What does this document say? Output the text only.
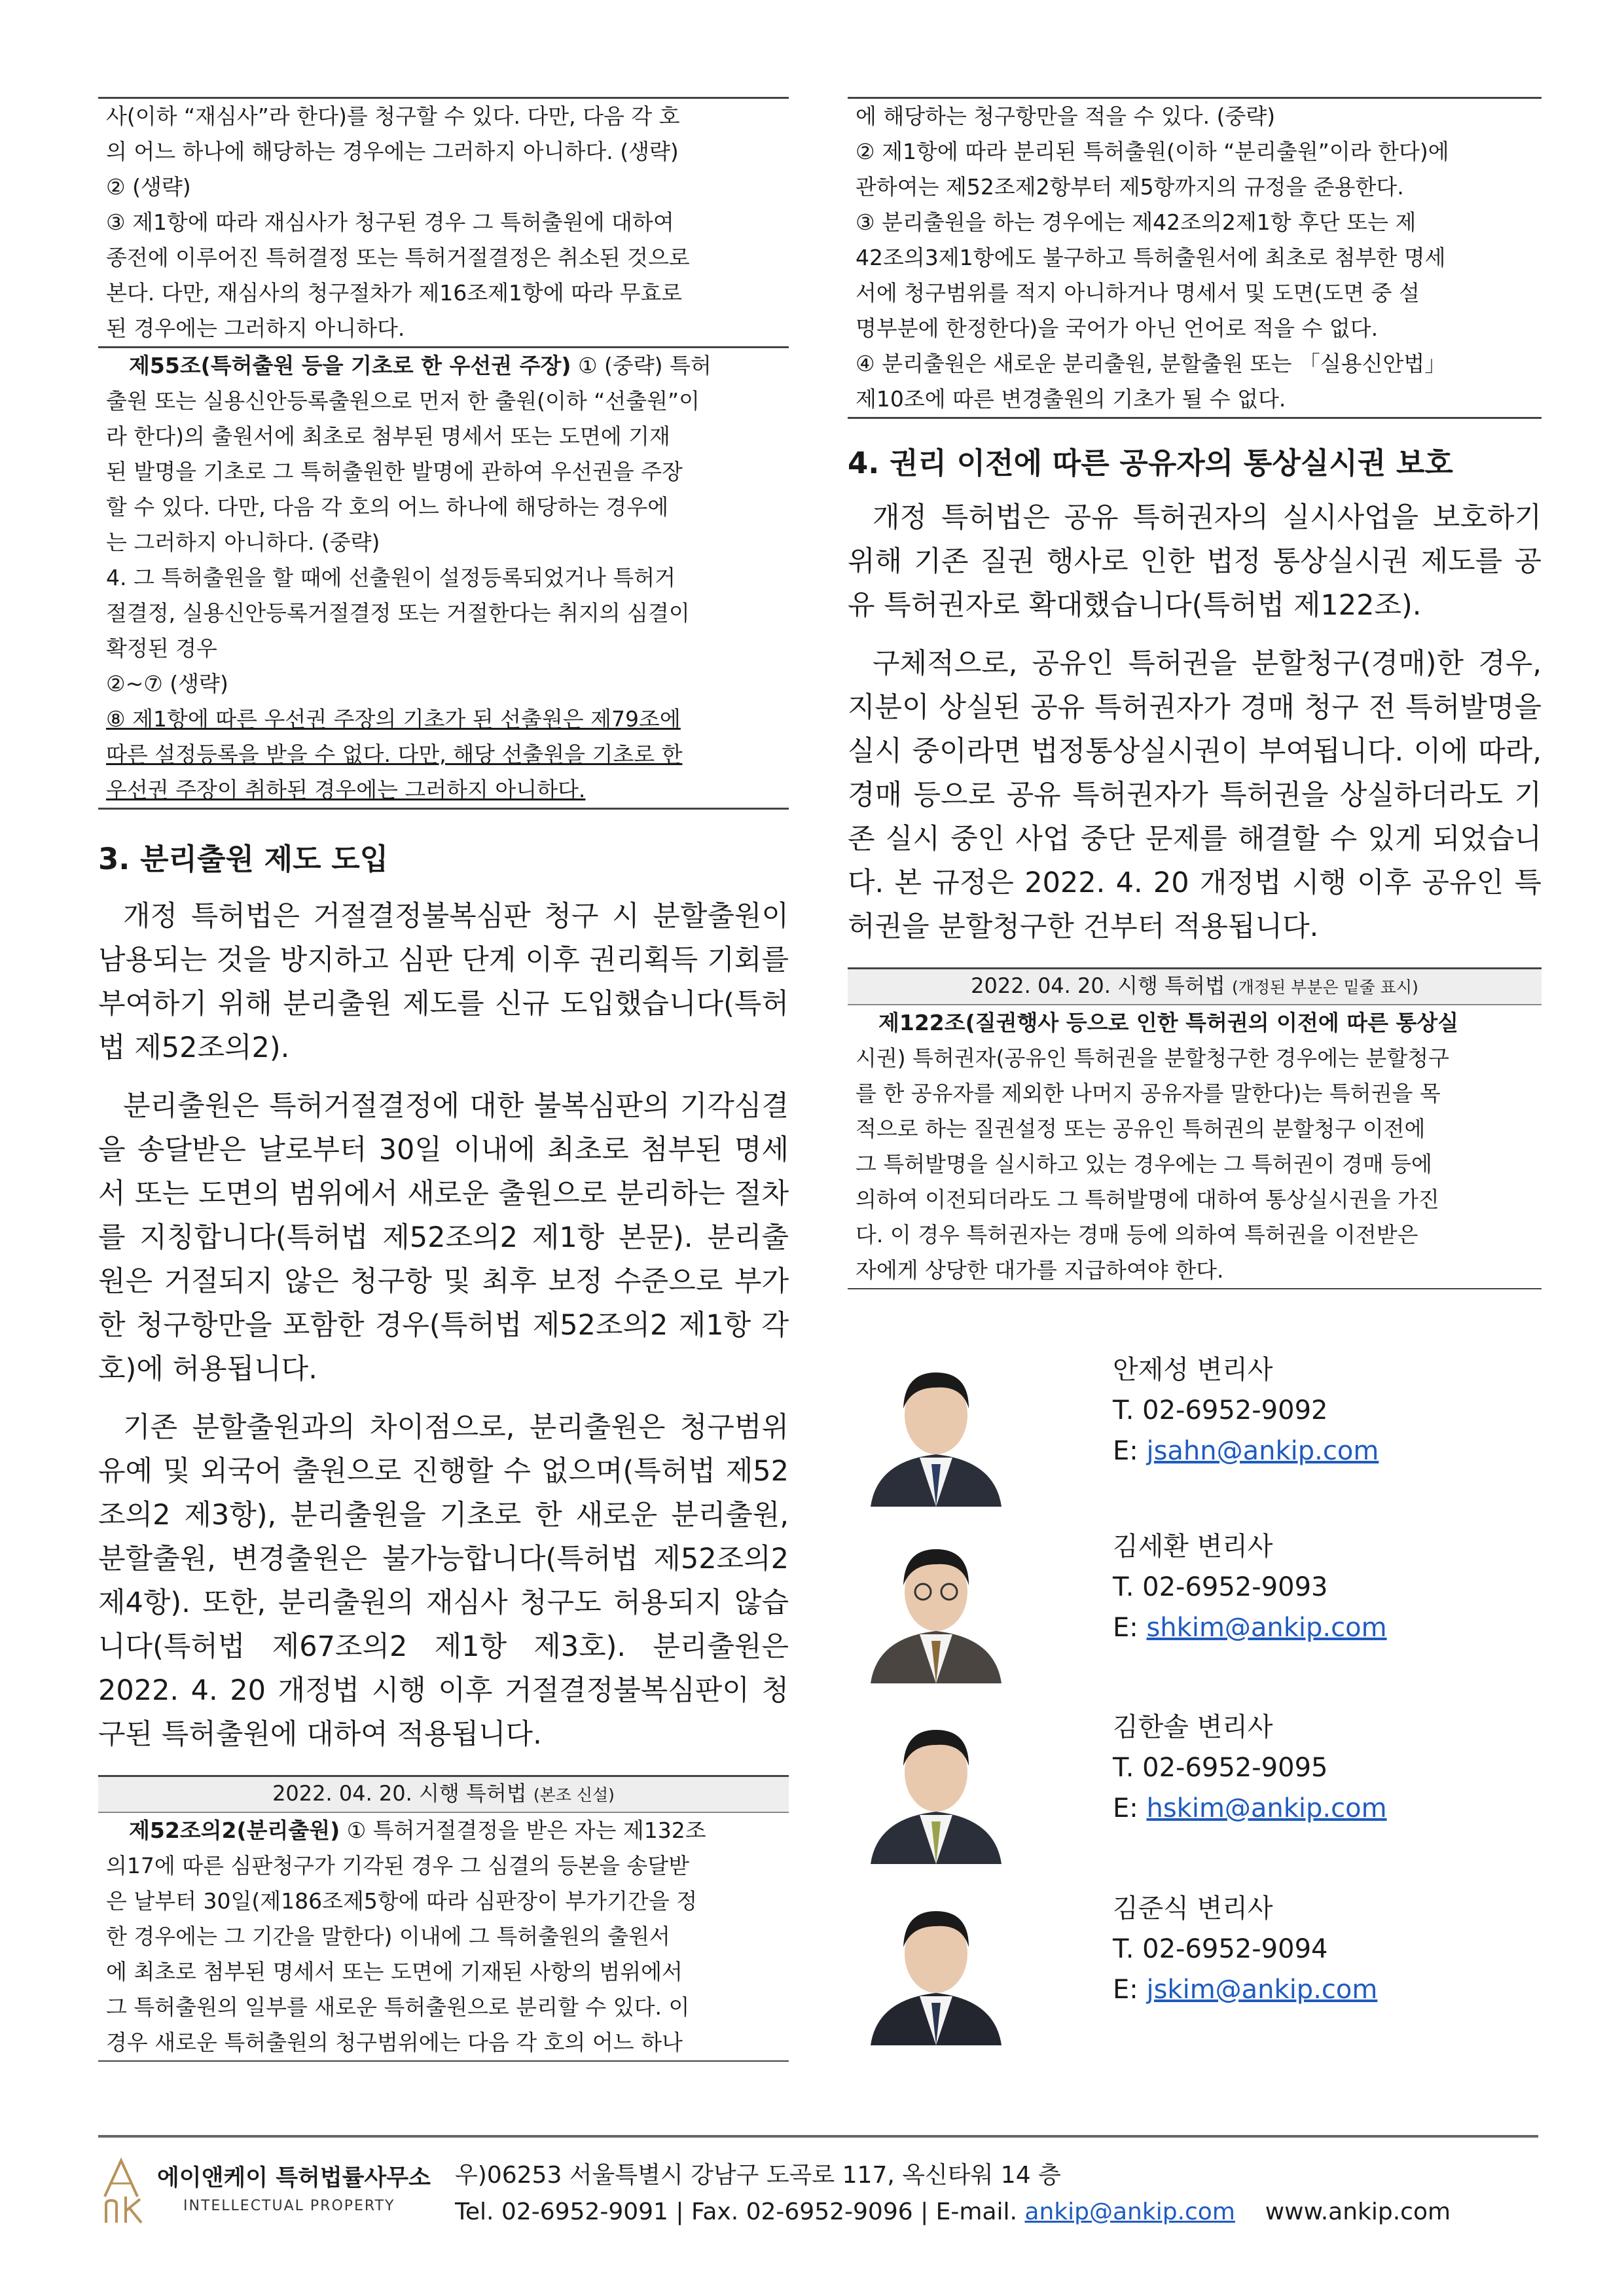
사(이하 “재심사”라 한다)를 청구할 수 있다. 다만, 다음 각 호

의 어느 하나에 해당하는 경우에는 그러하지 아니하다. (생략)

② (생략)

③ 제1항에 따라 재심사가 청구된 경우 그 특허출원에 대하여

종전에 이루어진 특허결정 또는 특허거절결정은 취소된 것으로

본다. 다만, 재심사의 청구절차가 제16조제1항에 따라 무효로

된 경우에는 그러하지 아니하다.

제55조(특허출원 등을 기초로 한 우선권 주장) ① (중략) 특허

출원 또는 실용신안등록출원으로 먼저 한 출원(이하 “선출원”이

라 한다)의 출원서에 최초로 첨부된 명세서 또는 도면에 기재

된 발명을 기초로 그 특허출원한 발명에 관하여 우선권을 주장

할 수 있다. 다만, 다음 각 호의 어느 하나에 해당하는 경우에

는 그러하지 아니하다. (중략)

4. 그 특허출원을 할 때에 선출원이 설정등록되었거나 특허거

절결정, 실용신안등록거절결정 또는 거절한다는 취지의 심결이

확정된 경우

②~⑦ (생략)

⑧ 제1항에 따른 우선권 주장의 기초가 된 선출원은 제79조에

따른 설정등록을 받을 수 없다. 다만, 해당 선출원을 기초로 한

우선권 주장이 취하된 경우에는 그러하지 아니하다.

3. 분리출원 제도 도입

개정 특허법은 거절결정불복심판 청구 시 분할출원이 남용되는 것을 방지하고 심판 단계 이후 권리획득 기회를 부여하기 위해 분리출원 제도를 신규 도입했습니다(특허법 제52조의2).

분리출원은 특허거절결정에 대한 불복심판의 기각심결을 송달받은 날로부터 30일 이내에 최초로 첨부된 명세서 또는 도면의 범위에서 새로운 출원으로 분리하는 절차를 지칭합니다(특허법 제52조의2 제1항 본문). 분리출원은 거절되지 않은 청구항 및 최후 보정 수준으로 부가한 청구항만을 포함한 경우(특허법 제52조의2 제1항 각호)에 허용됩니다.

기존 분할출원과의 차이점으로, 분리출원은 청구범위 유예 및 외국어 출원으로 진행할 수 없으며(특허법 제52조의2 제3항), 분리출원을 기초로 한 새로운 분리출원, 분할출원, 변경출원은 불가능합니다(특허법 제52조의2 제4항). 또한, 분리출원의 재심사 청구도 허용되지 않습니다(특허법 제67조의2 제1항 제3호). 분리출원은 2022. 4. 20 개정법 시행 이후 거절결정불복심판이 청구된 특허출원에 대하여 적용됩니다.

2022. 04. 20. 시행 특허법 (본조 신설)

제52조의2(분리출원) ① 특허거절결정을 받은 자는 제132조

의17에 따른 심판청구가 기각된 경우 그 심결의 등본을 송달받

은 날부터 30일(제186조제5항에 따라 심판장이 부가기간을 정

한 경우에는 그 기간을 말한다) 이내에 그 특허출원의 출원서

에 최초로 첨부된 명세서 또는 도면에 기재된 사항의 범위에서

그 특허출원의 일부를 새로운 특허출원으로 분리할 수 있다. 이

경우 새로운 특허출원의 청구범위에는 다음 각 호의 어느 하나

에 해당하는 청구항만을 적을 수 있다. (중략)

② 제1항에 따라 분리된 특허출원(이하 “분리출원”이라 한다)에

관하여는 제52조제2항부터 제5항까지의 규정을 준용한다.

③ 분리출원을 하는 경우에는 제42조의2제1항 후단 또는 제

42조의3제1항에도 불구하고 특허출원서에 최초로 첨부한 명세

서에 청구범위를 적지 아니하거나 명세서 및 도면(도면 중 설

명부분에 한정한다)을 국어가 아닌 언어로 적을 수 없다.

④ 분리출원은 새로운 분리출원, 분할출원 또는 「실용신안법」

제10조에 따른 변경출원의 기초가 될 수 없다.

4. 권리 이전에 따른 공유자의 통상실시권 보호

개정 특허법은 공유 특허권자의 실시사업을 보호하기 위해 기존 질권 행사로 인한 법정 통상실시권 제도를 공유 특허권자로 확대했습니다(특허법 제122조).

구체적으로, 공유인 특허권을 분할청구(경매)한 경우, 지분이 상실된 공유 특허권자가 경매 청구 전 특허발명을 실시 중이라면 법정통상실시권이 부여됩니다. 이에 따라, 경매 등으로 공유 특허권자가 특허권을 상실하더라도 기존 실시 중인 사업 중단 문제를 해결할 수 있게 되었습니다. 본 규정은 2022. 4. 20 개정법 시행 이후 공유인 특허권을 분할청구한 건부터 적용됩니다.

2022. 04. 20. 시행 특허법 (개정된 부분은 밑줄 표시)

제122조(질권행사 등으로 인한 특허권의 이전에 따른 통상실

시권) 특허권자(공유인 특허권을 분할청구한 경우에는 분할청구

를 한 공유자를 제외한 나머지 공유자를 말한다)는 특허권을 목

적으로 하는 질권설정 또는 공유인 특허권의 분할청구 이전에

그 특허발명을 실시하고 있는 경우에는 그 특허권이 경매 등에

의하여 이전되더라도 그 특허발명에 대하여 통상실시권을 가진

다. 이 경우 특허권자는 경매 등에 의하여 특허권을 이전받은

자에게 상당한 대가를 지급하여야 한다.

안제성 변리사
T. 02-6952-9092
E: jsahn@ankip.com
김세환 변리사
T. 02-6952-9093
E: shkim@ankip.com
김한솔 변리사
T. 02-6952-9095
E: hskim@ankip.com
김준식 변리사
T. 02-6952-9094
E: jskim@ankip.com
에이앤케이 특허법률사무소
INTELLECTUAL PROPERTY
우)06253 서울특별시 강남구 도곡로 117, 옥신타워 14 층
Tel. 02-6952-9091 | Fax. 02-6952-9096 | E-mail. ankip@ankip.com www.ankip.com
